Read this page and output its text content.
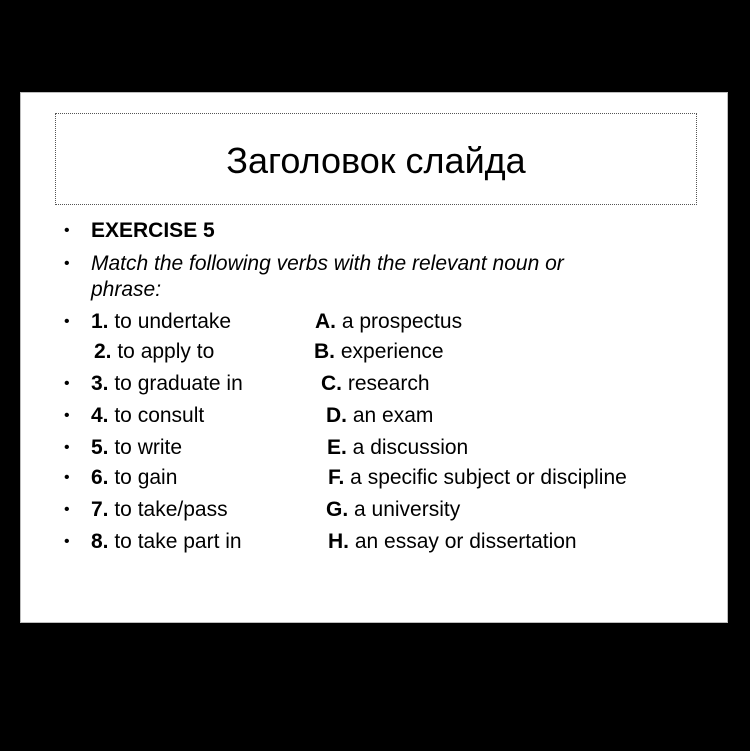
Заголовок слайда
• EXERCISE 5
• Match the following verbs with the relevant noun or
phrase:
• 1. to undertake	A. a prospectus
2. to apply to	B. experience
• 3. to graduate in	C. research
• 4. to consult	D. an exam
• 5. to write	E. a discussion
• 6. to gain	F. a specific subject or discipline
• 7. to take/pass	G. a university
• 8. to take part in	H. an essay or dissertation
